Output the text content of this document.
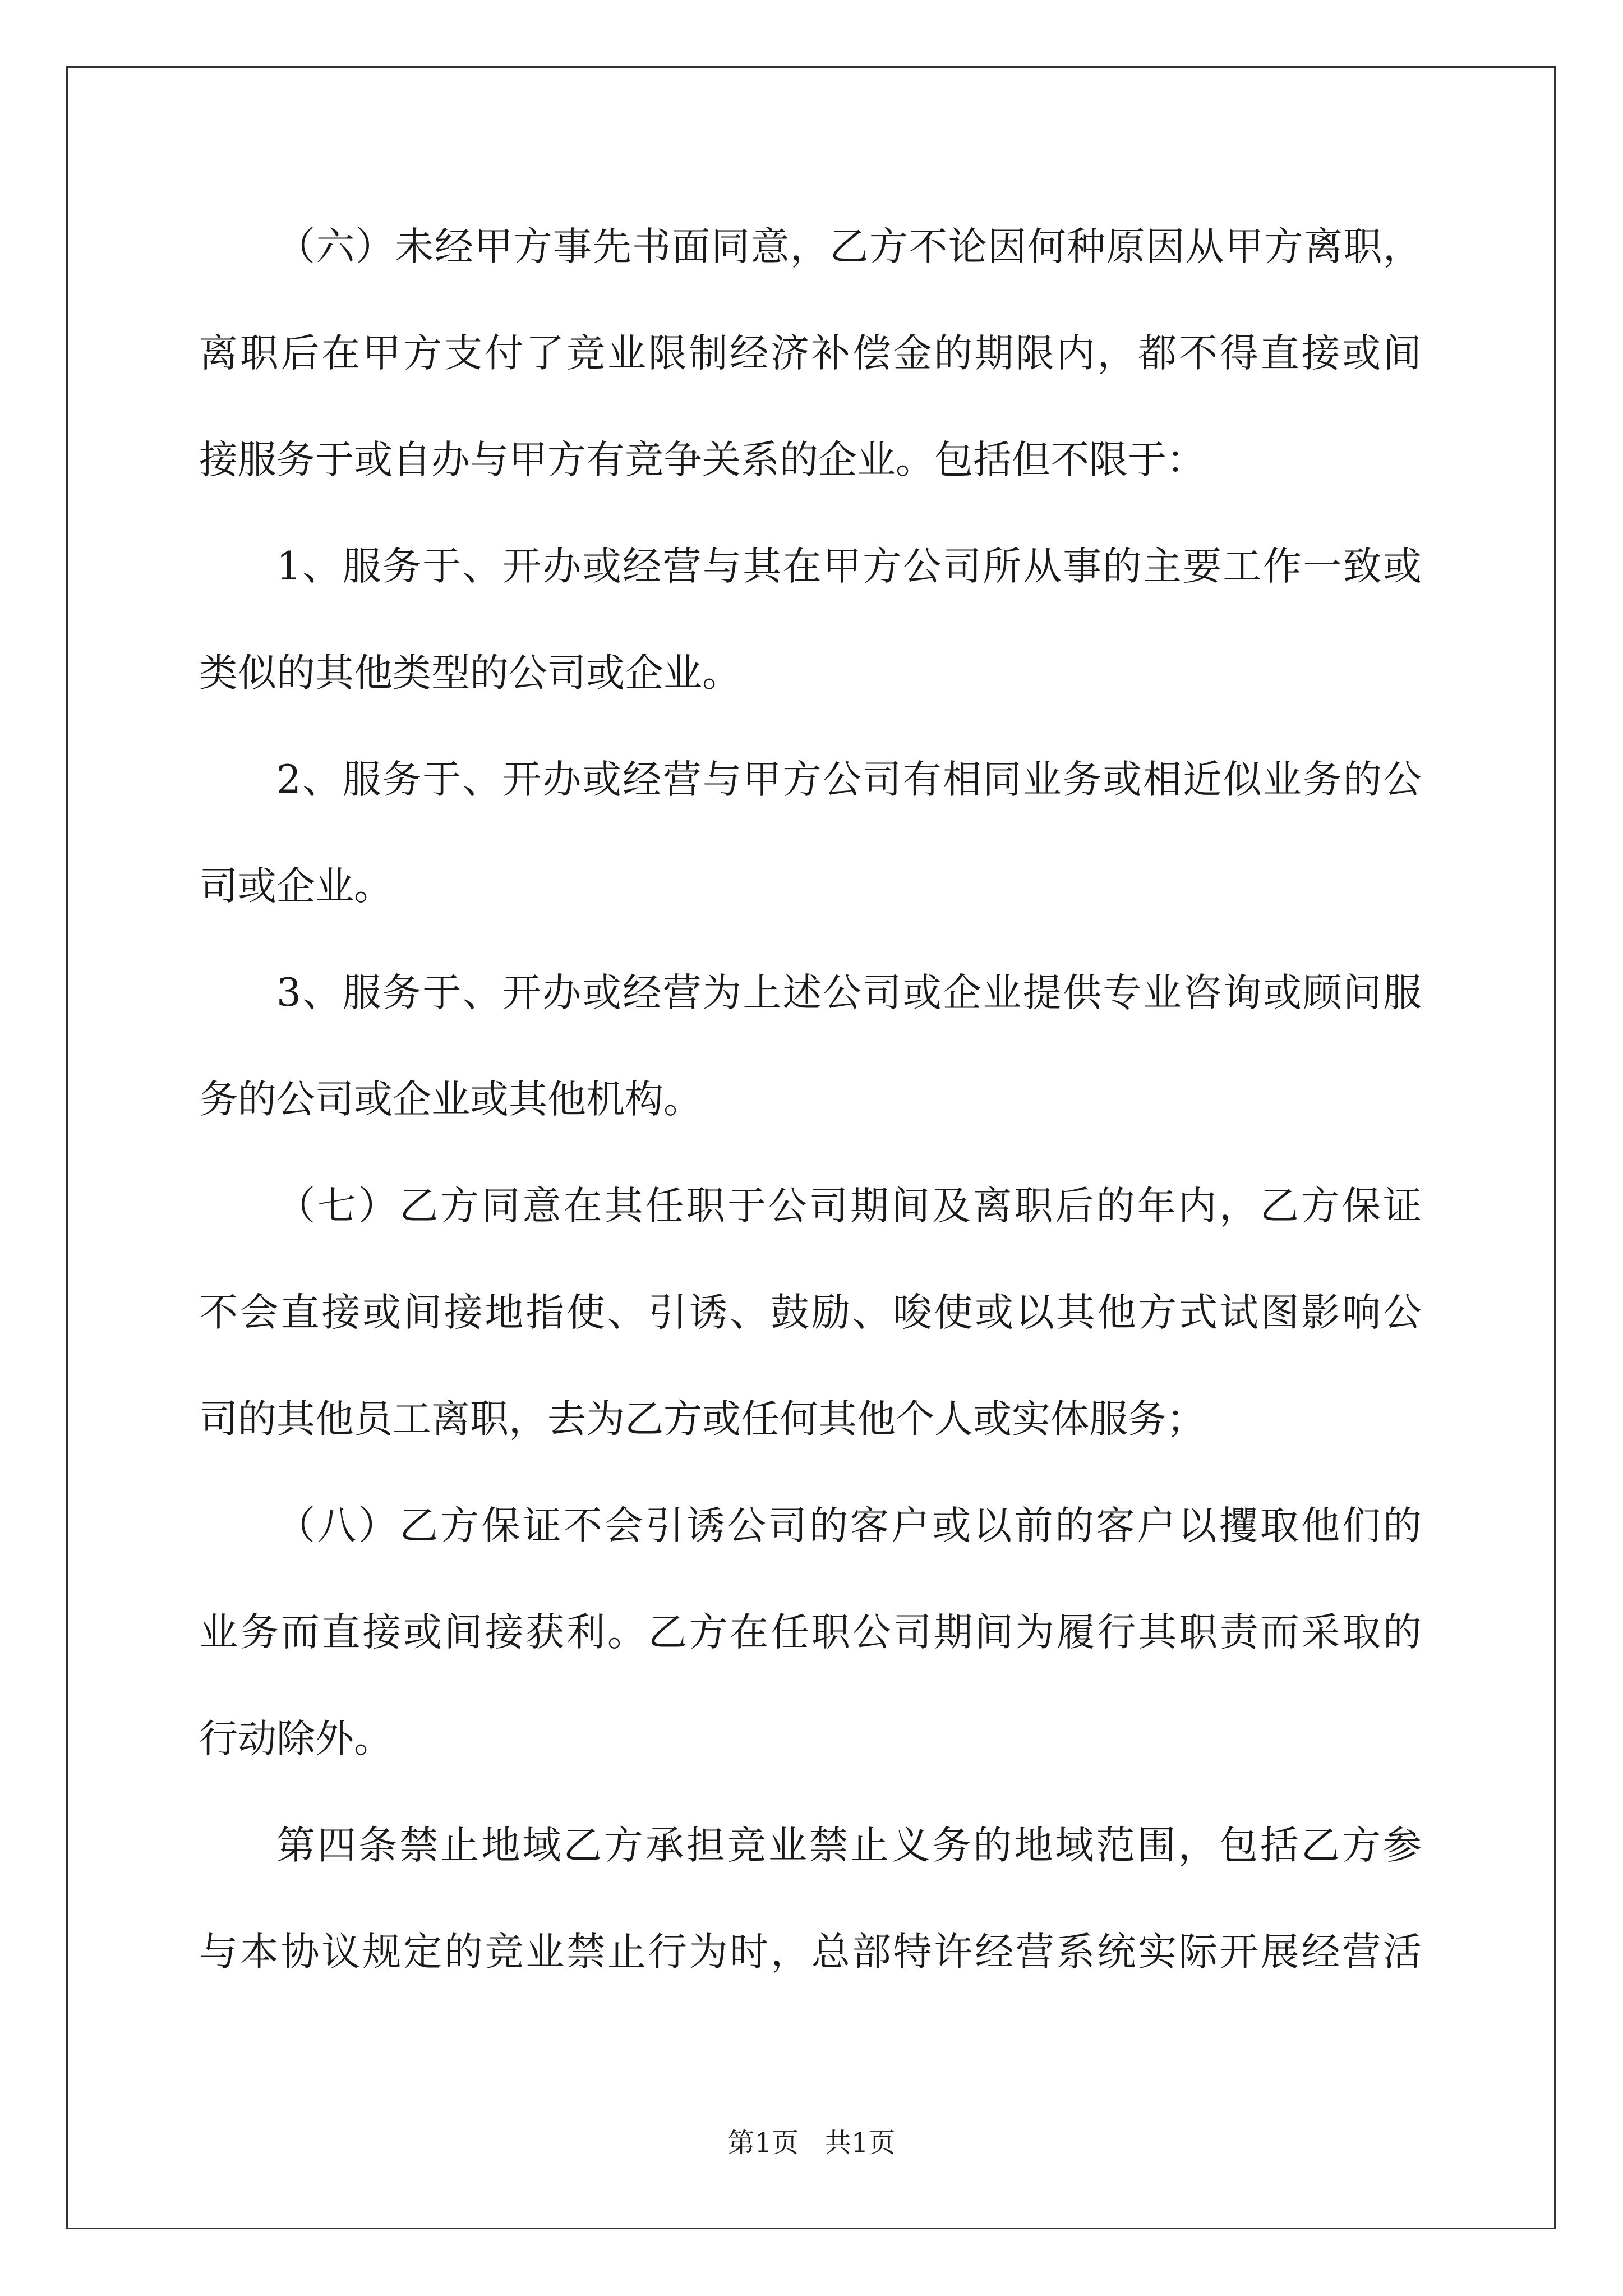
（六）未经甲方事先书面同意，乙方不论因何种原因从甲方离职，
离职后在甲方支付了竞业限制经济补偿金的期限内，都不得直接或间
接服务于或自办与甲方有竞争关系的企业。包括但不限于：
1、服务于、开办或经营与其在甲方公司所从事的主要工作一致或
类似的其他类型的公司或企业。
2、服务于、开办或经营与甲方公司有相同业务或相近似业务的公
司或企业。
3、服务于、开办或经营为上述公司或企业提供专业咨询或顾问服
务的公司或企业或其他机构。
（七）乙方同意在其任职于公司期间及离职后的年内，乙方保证
不会直接或间接地指使、引诱、鼓励、唆使或以其他方式试图影响公
司的其他员工离职，去为乙方或任何其他个人或实体服务；
（八）乙方保证不会引诱公司的客户或以前的客户以攫取他们的
业务而直接或间接获利。乙方在任职公司期间为履行其职责而采取的
行动除外。
第四条禁止地域乙方承担竞业禁止义务的地域范围，包括乙方参
与本协议规定的竞业禁止行为时，总部特许经营系统实际开展经营活
第1页   共1页
